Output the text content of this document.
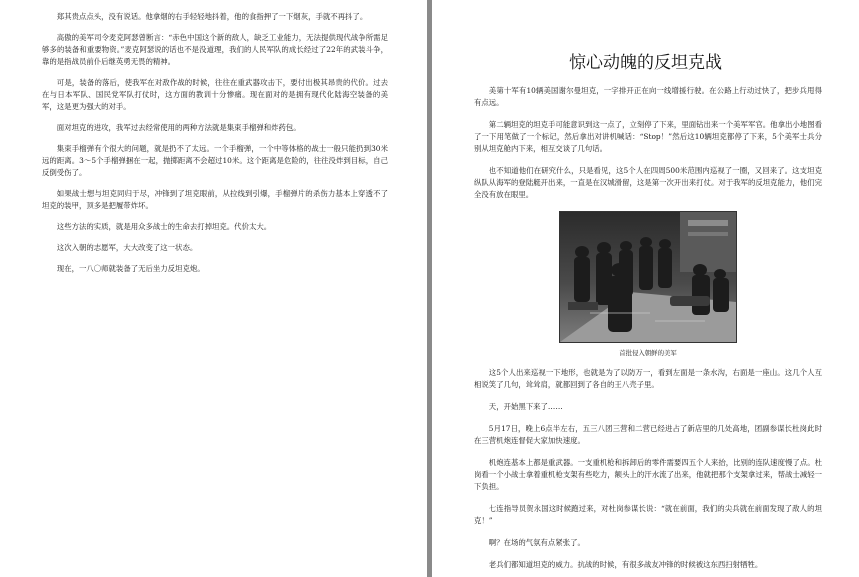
郑其贵点点头，没有说话。他拿烟的右手轻轻地抖着，他的食指押了一下烟灰，手就不再抖了。

高傲的美军司令麦克阿瑟曾断言：“赤色中国这个新的敌人，缺乏工业能力，无法提供现代战争所需足够多的装备和重要物资。”麦克阿瑟说的话也不是没道理，我们的人民军队的成长经过了22年的武装斗争，靠的是指战员前仆后继英勇无畏的精神。

可是，装备的落后，使我军在对敌作战的时候，往往在重武器攻击下，要付出极其昂贵的代价。过去在与日本军队、国民党军队打仗时，这方面的教训十分惨痛。现在面对的是拥有现代化陆海空装备的美军，这是更为强大的对手。

面对坦克的进攻，我军过去经常使用的两种方法就是集束手榴弹和炸药包。

集束手榴弹有个很大的问题，就是扔不了太远。一个手榴弹，一个中等体格的战士一般只能扔到30米远的距离。3～5个手榴弹捆在一起，抛掷距离不会超过10米。这个距离是危险的，往往没炸到目标，自己反倒受伤了。

如果战士想与坦克同归于尽，冲锋到了坦克眼前，从拉线到引爆，手榴弹片的杀伤力基本上穿透不了坦克的装甲，顶多是把履带炸坏。

这些方法的实质，就是用众多战士的生命去打掉坦克。代价太大。

这次入朝的志愿军，大大改变了这一状态。

现在，一八〇师就装备了无后坐力反坦克炮。

惊心动魄的反坦克战

美第十军有10辆美国谢尔曼坦克，一字排开正在向一线增援行驶。在公路上行动过快了，把步兵甩得有点远。

第二辆坦克的坦克手可能意识到这一点了，立刻停了下来，里面钻出来一个美军军官。他拿出小地图看了一下用笔做了一个标记，然后拿出对讲机喊话：“Stop！”然后这10辆坦克都停了下来，5个美军士兵分别从坦克舱内下来，相互交谈了几句话。

也不知道他们在研究什么，只是看见，这5个人在四周500米范围内巡视了一圈，又回来了。这支坦克纵队从海军的登陆艇开出来，一直是在汉城滑留，这是第一次开出来打仗。对于我军的反坦克能力，他们完全没有放在眼里。

首批侵入朝鲜的美军

这5个人出来巡视一下地形，也就是为了以防万一，看到左面是一条水沟，右面是一座山。这几个人互相说笑了几句，耸耸肩，就都回到了各自的王八壳子里。

天，开始黑下来了……

5月17日，晚上6点半左右，五三八团三营和二营已经进占了新店里的几处高地，团副参谋长杜岗此时在三营机炮连督促大家加快速度。

机炮连基本上都是重武器。一支重机枪和拆卸后的零件需要四五个人来抬，比别的连队速度慢了点。杜岗看一个小战士拿着重机枪支架有些吃力，额头上的汗水流了出来，他就把那个支架拿过来，帮战士减轻一下负担。

七连指导员贺永国这时候跑过来，对杜岗参谋长说：“就在前面，我们的尖兵就在前面发现了敌人的坦克！”

啊？在场的气氛有点紧张了。

老兵们都知道坦克的威力。抗战的时候，有很多战友冲锋的时候被这东西扫射牺牲。
